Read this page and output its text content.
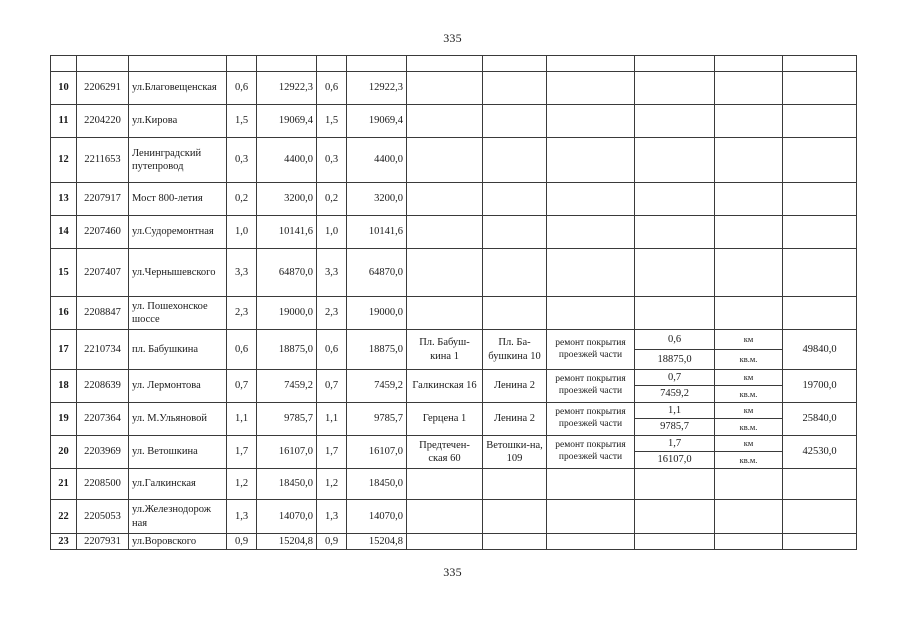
335

10	2206291	ул.Благовещенская	0,6	12922,3	0,6	12922,3						
11	2204220	ул.Кирова	1,5	19069,4	1,5	19069,4						
12	2211653	Ленинградский путепровод	0,3	4400,0	0,3	4400,0						
13	2207917	Мост 800-летия	0,2	3200,0	0,2	3200,0						
14	2207460	ул.Судоремонтная	1,0	10141,6	1,0	10141,6						
15	2207407	ул.Чернышевского	3,3	64870,0	3,3	64870,0						
16	2208847	ул. Пошехонское шоссе	2,3	19000,0	2,3	19000,0						
17	2210734	пл. Бабушкина	0,6	18875,0	0,6	18875,0	Пл. Бабуш-кина 1	Пл. Ба-бушкина 10	ремонт покрытия проезжей части	0,6	км	49840,0
										18875,0	кв.м.	
18	2208639	ул. Лермонтова	0,7	7459,2	0,7	7459,2	Галкинская 16	Ленина 2	ремонт покрытия проезжей части	0,7	км	19700,0
										7459,2	кв.м.	
19	2207364	ул. М.Ульяновой	1,1	9785,7	1,1	9785,7	Герцена 1	Ленина 2	ремонт покрытия проезжей части	1,1	км	25840,0
										9785,7	кв.м.	
20	2203969	ул. Ветошкина	1,7	16107,0	1,7	16107,0	Предтечен-ская 60	Ветошки-на, 109	ремонт покрытия проезжей части	1,7	км	42530,0
										16107,0	кв.м.	
21	2208500	ул.Галкинская	1,2	18450,0	1,2	18450,0						
22	2205053	ул.Железнодорож ная	1,3	14070,0	1,3	14070,0						
23	2207931	ул.Воровского	0,9	15204,8	0,9	15204,8						
335
